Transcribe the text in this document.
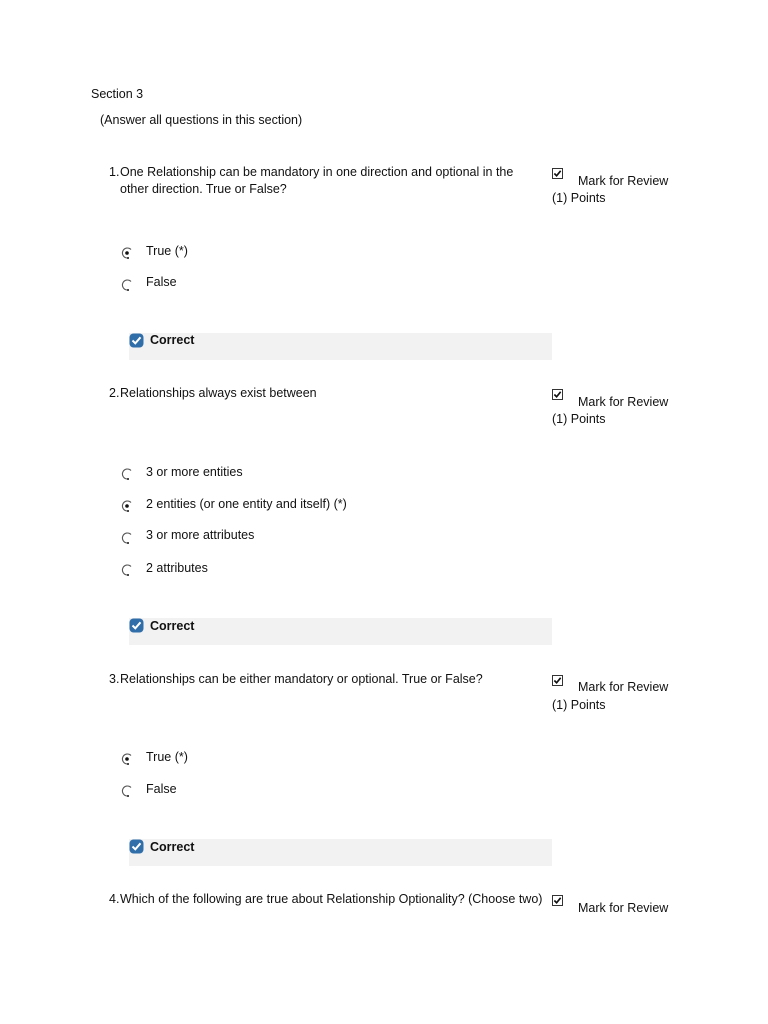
Section 3
(Answer all questions in this section)
1. One Relationship can be mandatory in one direction and optional in the other direction. True or False?
Mark for Review
(1) Points
True (*)
False
Correct
2. Relationships always exist between
Mark for Review
(1) Points
3 or more entities
2 entities (or one entity and itself) (*)
3 or more attributes
2 attributes
Correct
3. Relationships can be either mandatory or optional. True or False?
Mark for Review
(1) Points
True (*)
False
Correct
4. Which of the following are true about Relationship Optionality? (Choose two)
Mark for Review
